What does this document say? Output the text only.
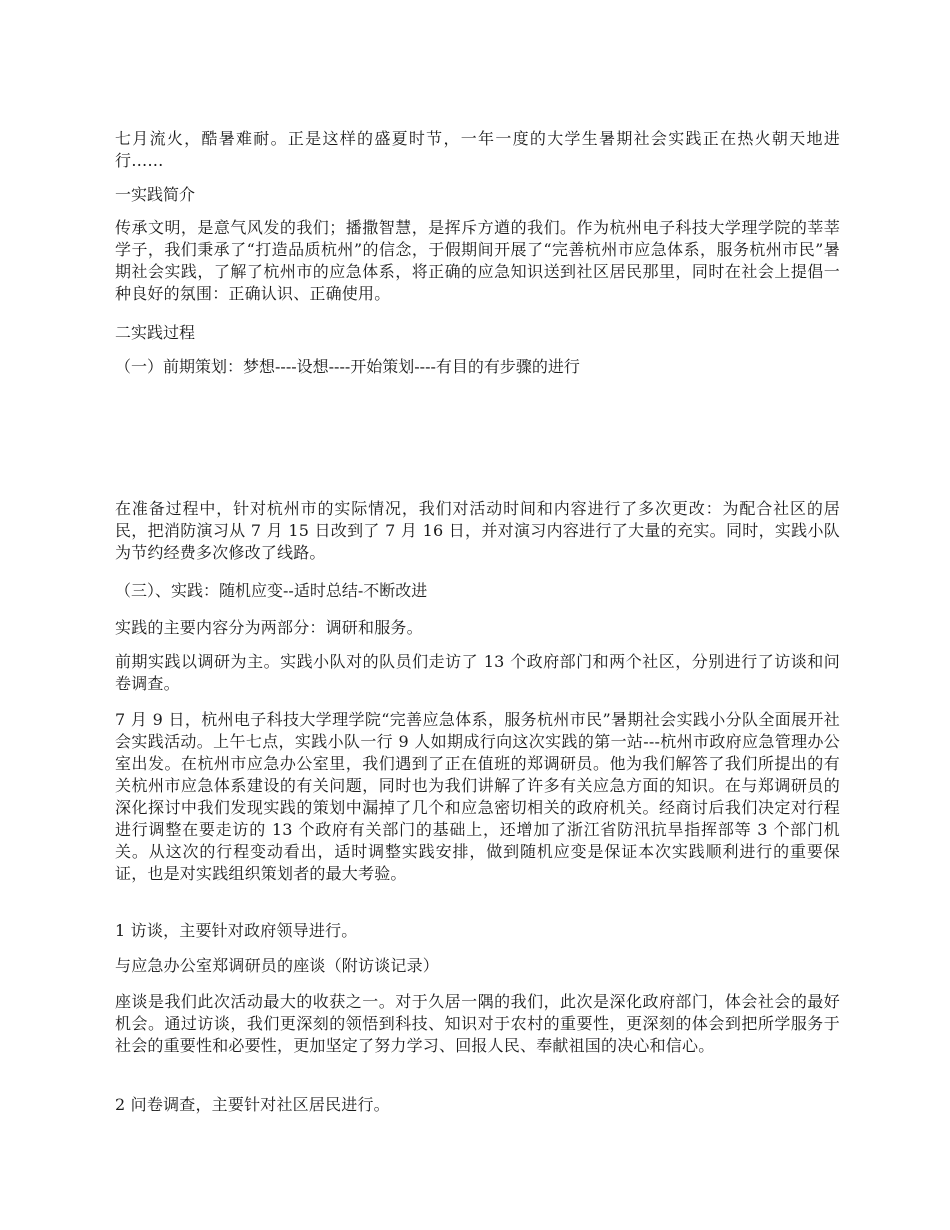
七月流火，酷暑难耐。正是这样的盛夏时节，一年一度的大学生暑期社会实践正在热火朝天地进行……

一实践简介

传承文明，是意气风发的我们；播撒智慧，是挥斥方遒的我们。作为杭州电子科技大学理学院的莘莘学子，我们秉承了“打造品质杭州”的信念，于假期间开展了“完善杭州市应急体系，服务杭州市民”暑期社会实践，了解了杭州市的应急体系，将正确的应急知识送到社区居民那里，同时在社会上提倡一种良好的氛围：正确认识、正确使用。

二实践过程

（一）前期策划：梦想----设想----开始策划----有目的有步骤的进行

在准备过程中，针对杭州市的实际情况，我们对活动时间和内容进行了多次更改：为配合社区的居民，把消防演习从 7 月 15 日改到了 7 月 16 日，并对演习内容进行了大量的充实。同时，实践小队为节约经费多次修改了线路。

（三）、实践：随机应变--适时总结-不断改进

实践的主要内容分为两部分：调研和服务。

前期实践以调研为主。实践小队对的队员们走访了 13 个政府部门和两个社区，分别进行了访谈和问卷调查。

7 月 9 日，杭州电子科技大学理学院“完善应急体系，服务杭州市民”暑期社会实践小分队全面展开社会实践活动。上午七点，实践小队一行 9 人如期成行向这次实践的第一站---杭州市政府应急管理办公室出发。在杭州市应急办公室里，我们遇到了正在值班的郑调研员。他为我们解答了我们所提出的有关杭州市应急体系建设的有关问题，同时也为我们讲解了许多有关应急方面的知识。在与郑调研员的深化探讨中我们发现实践的策划中漏掉了几个和应急密切相关的政府机关。经商讨后我们决定对行程进行调整在要走访的 13 个政府有关部门的基础上，还增加了浙江省防汛抗旱指挥部等 3 个部门机关。从这次的行程变动看出，适时调整实践安排，做到随机应变是保证本次实践顺利进行的重要保证，也是对实践组织策划者的最大考验。

1 访谈，主要针对政府领导进行。

与应急办公室郑调研员的座谈（附访谈记录）

座谈是我们此次活动最大的收获之一。对于久居一隅的我们，此次是深化政府部门，体会社会的最好机会。通过访谈，我们更深刻的领悟到科技、知识对于农村的重要性，更深刻的体会到把所学服务于社会的重要性和必要性，更加坚定了努力学习、回报人民、奉献祖国的决心和信心。

2 问卷调查，主要针对社区居民进行。
